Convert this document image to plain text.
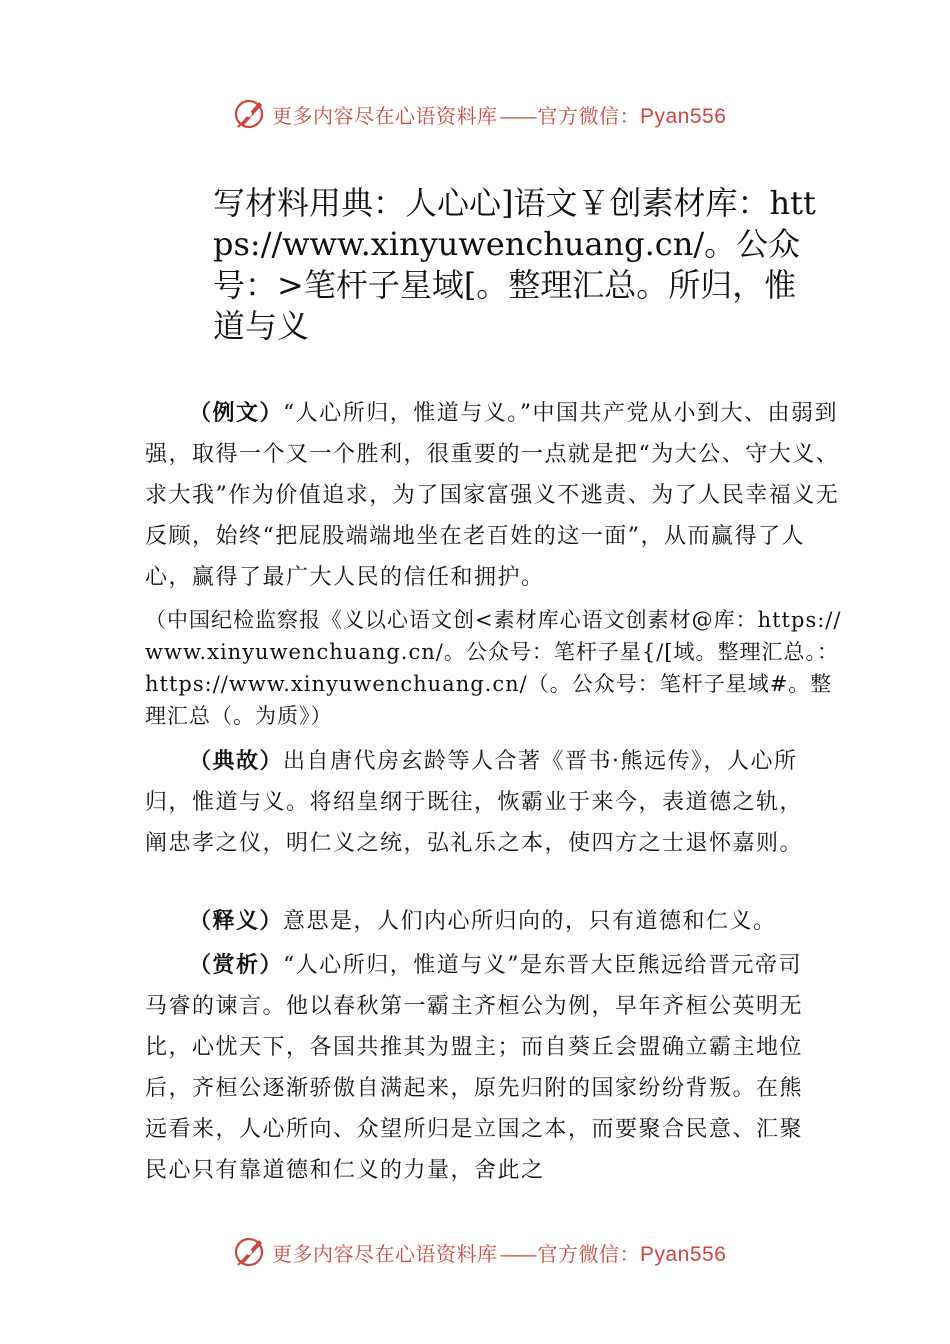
更多内容尽在心语资料库 —— 官方微信：Pyan556
写材料用典：人心心]语文￥创素材库：https://www.xinyuwenchuang.cn/。公众号：>笔杆子星域[。整理汇总。所归，惟道与义

（例文）“人心所归，惟道与义。”中国共产党从小到大、由弱到强，取得一个又一个胜利，很重要的一点就是把“为大公、守大义、求大我”作为价值追求，为了国家富强义不逃责、为了人民幸福义无反顾，始终“把屁股端端地坐在老百姓的这一面”，从而赢得了人心，赢得了最广大人民的信任和拥护。

（中国纪检监察报《义以心语文创<素材库心语文创素材@库：https://www.xinyuwenchuang.cn/。公众号：笔杆子星{/[域。整理汇总。：https://www.xinyuwenchuang.cn/（。公众号：笔杆子星域#。整理汇总（。为质》）

（典故）出自唐代房玄龄等人合著《晋书·熊远传》，人心所归，惟道与义。将绍皇纲于既往，恢霸业于来今，表道德之轨，阐忠孝之仪，明仁义之统，弘礼乐之本，使四方之士退怀嘉则。

（释义）意思是，人们内心所归向的，只有道德和仁义。

（赏析）“人心所归，惟道与义”是东晋大臣熊远给晋元帝司马睿的谏言。他以春秋第一霸主齐桓公为例，早年齐桓公英明无比，心忧天下，各国共推其为盟主；而自葵丘会盟确立霸主地位后，齐桓公逐渐骄傲自满起来，原先归附的国家纷纷背叛。在熊远看来，人心所向、众望所归是立国之本，而要聚合民意、汇聚民心只有靠道德和仁义的力量，舍此之

更多内容尽在心语资料库 —— 官方微信：Pyan556
